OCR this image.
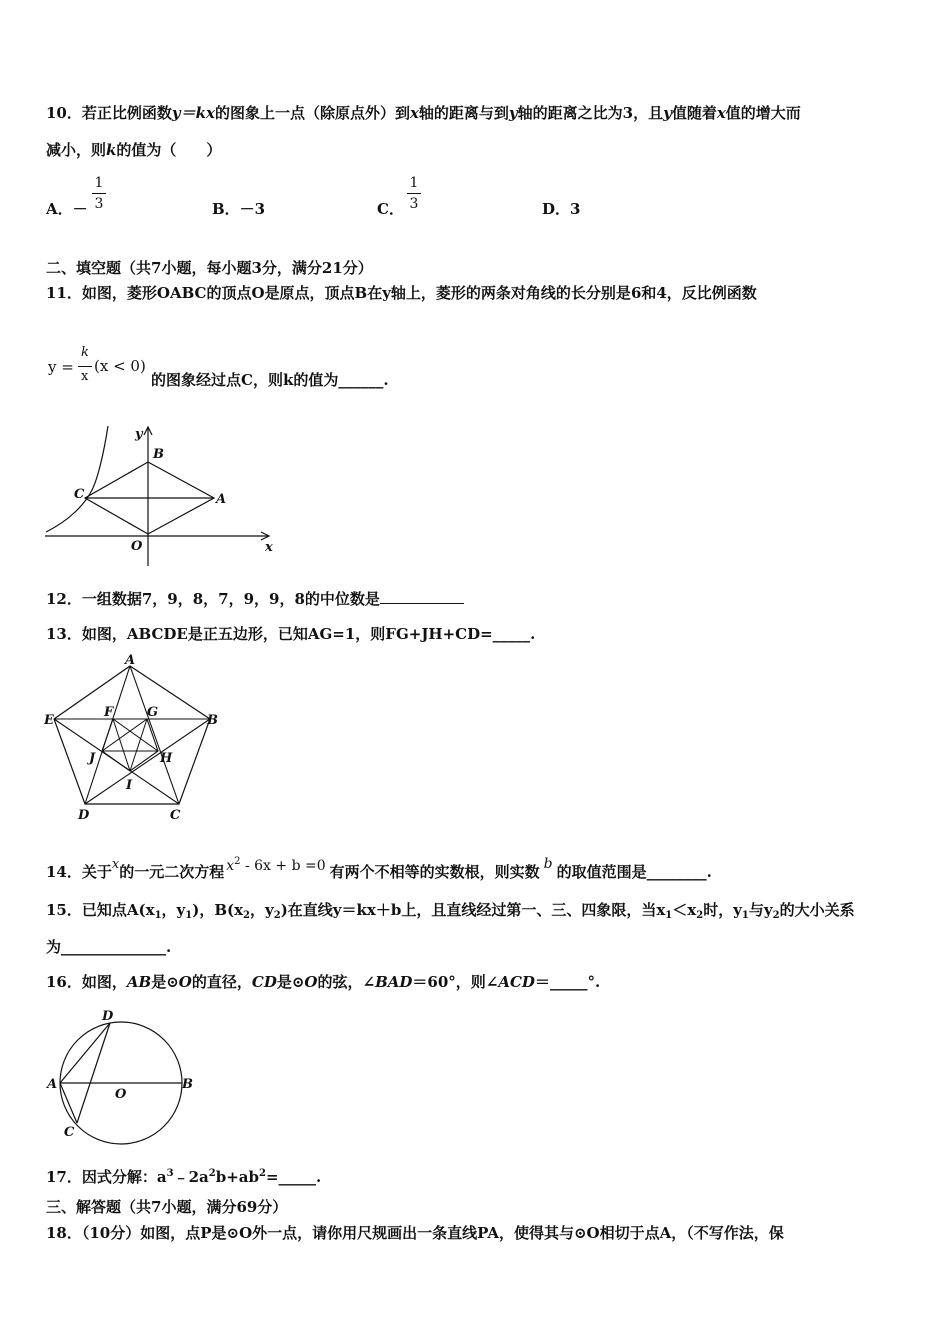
10．若正比例函数y＝kx的图象上一点（除原点外）到x轴的距离与到y轴的距离之比为3，且y值随着x值的增大而
减小，则k的值为（　　）
A．－
1
3	B．－3	C．
1
3	D．3
二、填空题（共7小题，每小题3分，满分21分）
11．如图，菱形OABC的顶点O是原点，顶点B在y轴上，菱形的两条对角线的长分别是6和4，反比例函数
y =
k
x
(x < 0)
的图象经过点C，则k的值为______.
y
x
B
C	A
O
12．一组数据7，9，8，7，9，9，8的中位数是
13．如图，ABCDE是正五边形，已知AG=1，则FG+JH+CD=_____.
A
B
C
D
E
F	G
H
I
J
14．关于x的一元二次方程 $x^2 - 6x + b =0$ 有两个不相等的实数根，则实数 b 的取值范围是________.
15．已知点$A(x_1$，$y_1$)，$B(x_2$，$y_2$)在直线y＝kx＋b上，且直线经过第一、三、四象限，当$x_1<x_2$时，$y_1$与$y_2$的大小关系
为______________.
16．如图，AB是⊙O的直径，CD是⊙O的弦，∠BAD＝60°，则∠ACD＝_____°.
D
A
O
B
C
17．因式分解：$a^3﹣2a^2b+ab^2=\_\_\_\_\_$.
三、解答题（共7小题，满分69分）
18．（10分）如图，点P是⊙O外一点，请你用尺规画出一条直线PA，使得其与⊙O相切于点A，（不写作法，保
